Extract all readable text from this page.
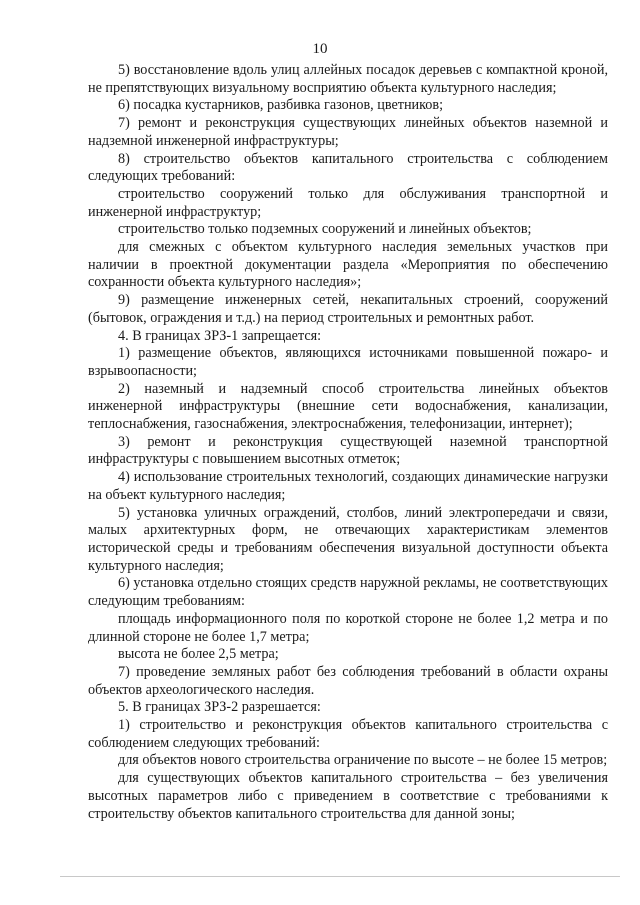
10

5) восстановление вдоль улиц аллейных посадок деревьев с компактной кроной, не препятствующих визуальному восприятию объекта культурного наследия;

6) посадка кустарников, разбивка газонов, цветников;

7) ремонт и реконструкция существующих линейных объектов наземной и надземной инженерной инфраструктуры;

8) строительство объектов капитального строительства с соблюдением следующих требований:

строительство сооружений только для обслуживания транспортной и инженерной инфраструктур;

строительство только подземных сооружений и линейных объектов;

для смежных с объектом культурного наследия земельных участков при наличии в проектной документации раздела «Мероприятия по обеспечению сохранности объекта культурного наследия»;

9) размещение инженерных сетей, некапитальных строений, сооружений (бытовок, ограждения и т.д.) на период строительных и ремонтных работ.

4. В границах ЗРЗ-1 запрещается:

1) размещение объектов, являющихся источниками повышенной пожаро- и взрывоопасности;

2) наземный и надземный способ строительства линейных объектов инженерной инфраструктуры (внешние сети водоснабжения, канализации, теплоснабжения, газоснабжения, электроснабжения, телефонизации, интернет);

3) ремонт и реконструкция существующей наземной транспортной инфраструктуры с повышением высотных отметок;

4) использование строительных технологий, создающих динамические нагрузки на объект культурного наследия;

5) установка уличных ограждений, столбов, линий электропередачи и связи, малых архитектурных форм, не отвечающих характеристикам элементов исторической среды и требованиям обеспечения визуальной доступности объекта культурного наследия;

6) установка отдельно стоящих средств наружной рекламы, не соответствующих следующим требованиям:

площадь информационного поля по короткой стороне не более 1,2 метра и по длинной стороне не более 1,7 метра;

высота не более 2,5 метра;

7) проведение земляных работ без соблюдения требований в области охраны объектов археологического наследия.

5. В границах ЗРЗ-2 разрешается:

1) строительство и реконструкция объектов капитального строительства с соблюдением следующих требований:

для объектов нового строительства ограничение по высоте – не более 15 метров;

для существующих объектов капитального строительства – без увеличения высотных параметров либо с приведением в соответствие с требованиями к строительству объектов капитального строительства для данной зоны;
